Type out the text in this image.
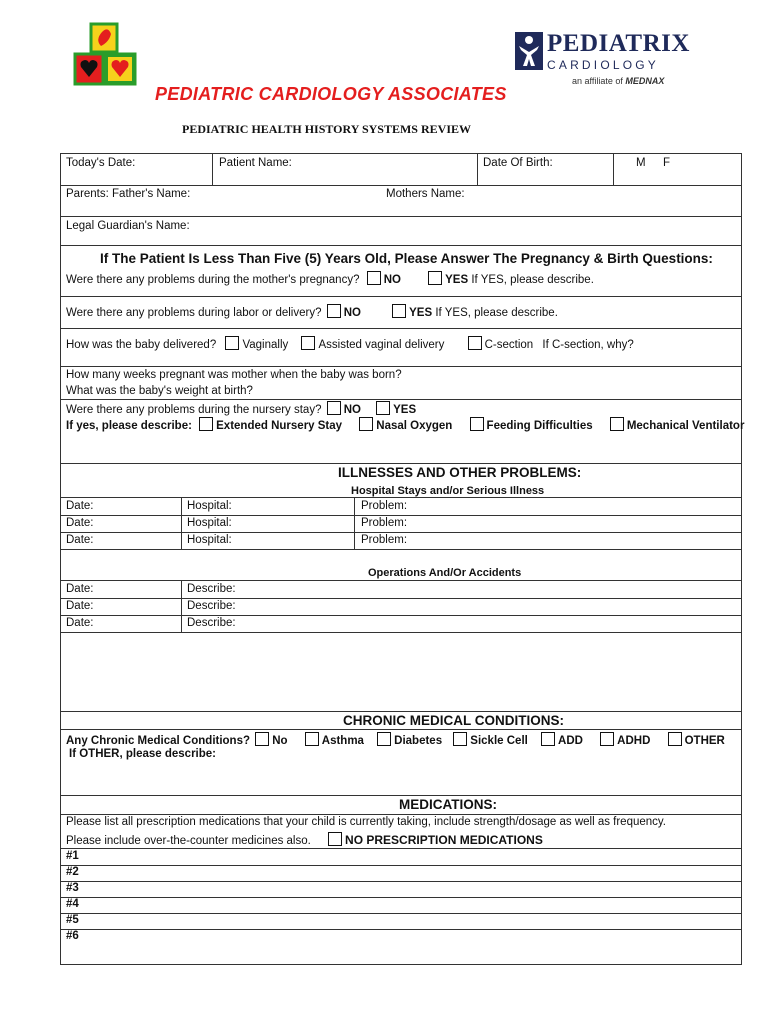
PEDIATRIC CARDIOLOGY ASSOCIATES
PEDIATRIX
CARDIOLOGY
an affiliate of MEDNAX
PEDIATRIC HEALTH HISTORY SYSTEMS REVIEW
Today's Date:	Patient Name:	Date Of Birth:	M F
Parents: Father's Name:	Mothers Name:
Legal Guardian's Name:
If The Patient Is Less Than Five (5) Years Old, Please Answer The Pregnancy & Birth Questions:
Were there any problems during the mother's pregnancy? NO	YES If YES, please describe.
Were there any problems during labor or delivery? NO	YES If YES, please describe.
How was the baby delivered? Vaginally	Assisted vaginal delivery	C-section If C-section, why?
How many weeks pregnant was mother when the baby was born?
What was the baby's weight at birth?
Were there any problems during the nursery stay? NO	YES
If yes, please describe: Extended Nursery Stay	Nasal Oxygen	Feeding Difficulties	Mechanical Ventilator
ILLNESSES AND OTHER PROBLEMS:
Hospital Stays and/or Serious Illness
Date:	Hospital:	Problem:
Date:	Hospital:	Problem:
Date:	Hospital:	Problem:
Operations And/Or Accidents
Date:	Describe:
Date:	Describe:
Date:	Describe:
CHRONIC MEDICAL CONDITIONS:
Any Chronic Medical Conditions? No	Asthma	Diabetes Sickle Cell	ADD	ADHD	OTHER
If OTHER, please describe:
MEDICATIONS:
Please list all prescription medications that your child is currently taking, include strength/dosage as well as frequency.
Please include over-the-counter medicines also.	NO PRESCRIPTION MEDICATIONS
#1
#2
#3
#4
#5
#6
